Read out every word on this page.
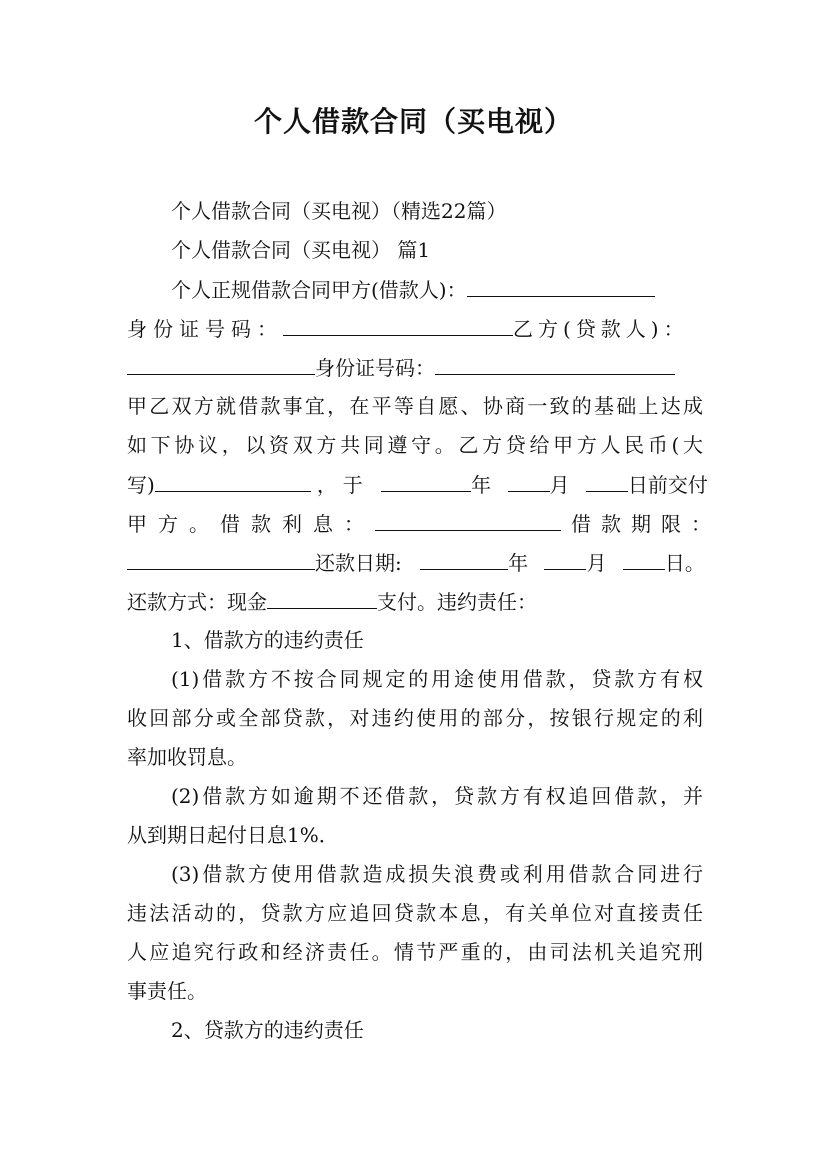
个人借款合同（买电视）

个人借款合同（买电视）（精选22篇）

个人借款合同（买电视） 篇1

个人正规借款合同甲方(借款人)：

身份证号码：	乙方(贷款人)：

身份证号码：

甲乙双方就借款事宜，在平等自愿、协商一致的基础上达成

如下协议，以资双方共同遵守。乙方贷给甲方人民币(大

写)	，于	年	月	日前交付

甲方。借款利息：	借款期限：

还款日期:	年	月	日。

还款方式：现金	支付。违约责任：

1、借款方的违约责任

(1)借款方不按合同规定的用途使用借款，贷款方有权

收回部分或全部贷款，对违约使用的部分，按银行规定的利

率加收罚息。

(2)借款方如逾期不还借款，贷款方有权追回借款，并

从到期日起付日息1%．

(3)借款方使用借款造成损失浪费或利用借款合同进行

违法活动的，贷款方应追回贷款本息，有关单位对直接责任

人应追究行政和经济责任。情节严重的，由司法机关追究刑

事责任。

2、贷款方的违约责任
